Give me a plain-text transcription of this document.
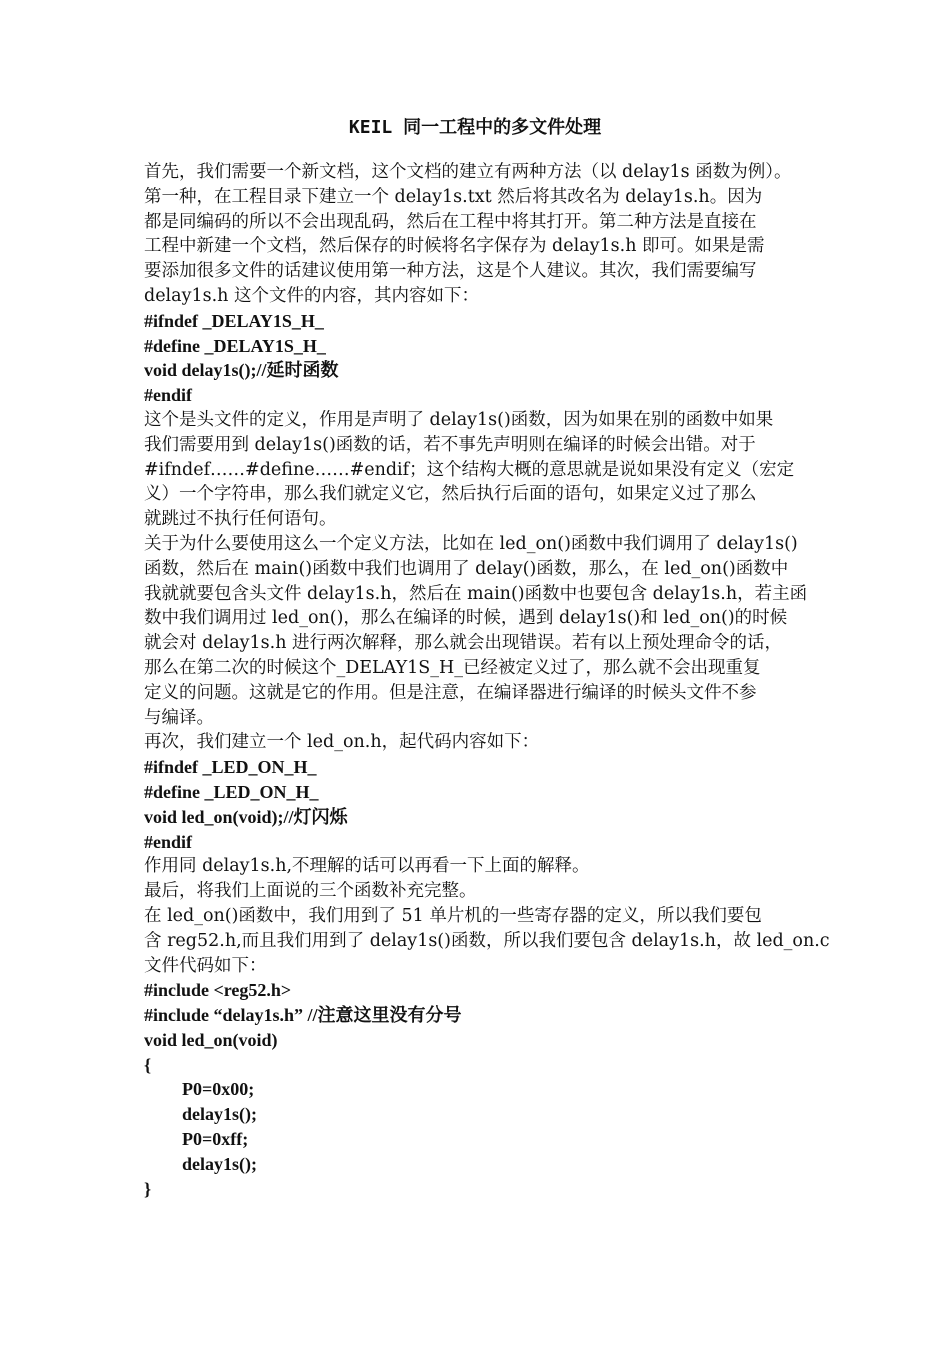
KEIL 同一工程中的多文件处理
首先，我们需要一个新文档，这个文档的建立有两种方法（以 delay1s 函数为例）。
第一种，在工程目录下建立一个 delay1s.txt 然后将其改名为 delay1s.h。因为
都是同编码的所以不会出现乱码，然后在工程中将其打开。第二种方法是直接在
工程中新建一个文档，然后保存的时候将名字保存为 delay1s.h 即可。如果是需
要添加很多文件的话建议使用第一种方法，这是个人建议。其次，我们需要编写
delay1s.h 这个文件的内容，其内容如下：
#ifndef _DELAY1S_H_
#define _DELAY1S_H_
void delay1s();//延时函数
#endif
这个是头文件的定义，作用是声明了 delay1s()函数，因为如果在别的函数中如果
我们需要用到 delay1s()函数的话，若不事先声明则在编译的时候会出错。对于
#ifndef……#define……#endif；这个结构大概的意思就是说如果没有定义（宏定
义）一个字符串，那么我们就定义它，然后执行后面的语句，如果定义过了那么
就跳过不执行任何语句。
关于为什么要使用这么一个定义方法，比如在 led_on()函数中我们调用了 delay1s()
函数，然后在 main()函数中我们也调用了 delay()函数，那么，在 led_on()函数中
我就就要包含头文件 delay1s.h，然后在 main()函数中也要包含 delay1s.h，若主函
数中我们调用过 led_on()，那么在编译的时候，遇到 delay1s()和 led_on()的时候
就会对 delay1s.h 进行两次解释，那么就会出现错误。若有以上预处理命令的话，
那么在第二次的时候这个_DELAY1S_H_已经被定义过了，那么就不会出现重复
定义的问题。这就是它的作用。但是注意，在编译器进行编译的时候头文件不参
与编译。
再次，我们建立一个 led_on.h，起代码内容如下：
#ifndef _LED_ON_H_
#define _LED_ON_H_
void led_on(void);//灯闪烁
#endif
作用同 delay1s.h,不理解的话可以再看一下上面的解释。
最后，将我们上面说的三个函数补充完整。
在 led_on()函数中，我们用到了 51 单片机的一些寄存器的定义，所以我们要包
含 reg52.h,而且我们用到了 delay1s()函数，所以我们要包含 delay1s.h，故 led_on.c
文件代码如下：
#include <reg52.h>
#include “delay1s.h” //注意这里没有分号
void led_on(void)
{
P0=0x00;
delay1s();
P0=0xff;
delay1s();
}
